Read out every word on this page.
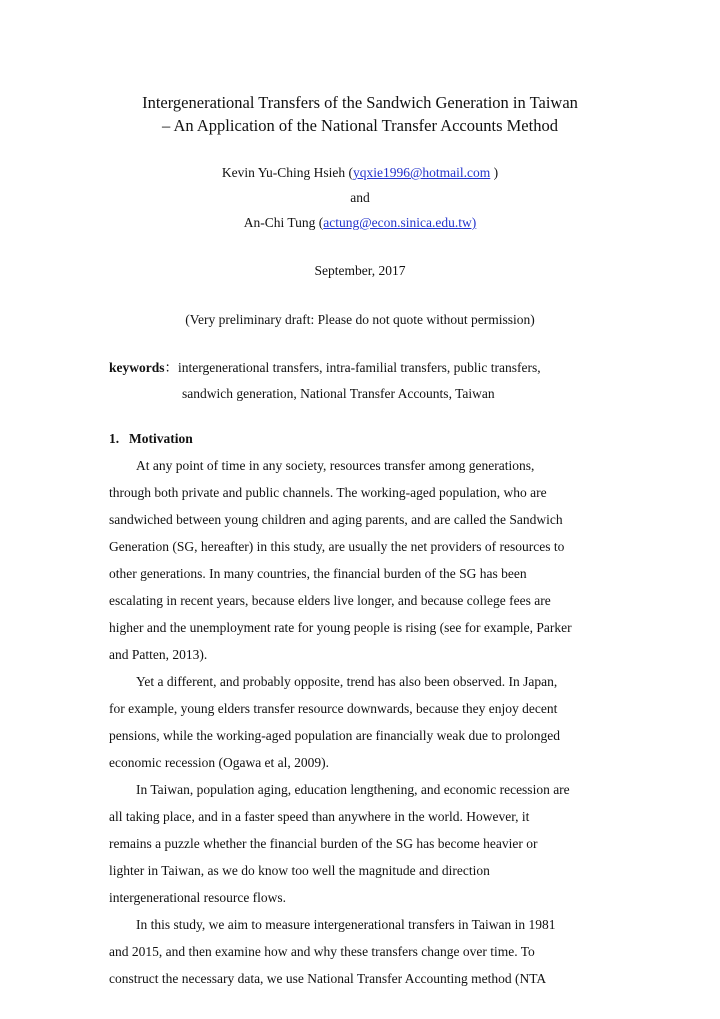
Intergenerational Transfers of the Sandwich Generation in Taiwan
– An Application of the National Transfer Accounts Method
Kevin Yu-Ching Hsieh (yqxie1996@hotmail.com )
and
An-Chi Tung (actung@econ.sinica.edu.tw)
September, 2017
(Very preliminary draft: Please do not quote without permission)
keywords：intergenerational transfers, intra-familial transfers, public transfers,
sandwich generation, National Transfer Accounts, Taiwan
1. Motivation
At any point of time in any society, resources transfer among generations,
through both private and public channels. The working-aged population, who are
sandwiched between young children and aging parents, and are called the Sandwich
Generation (SG, hereafter) in this study, are usually the net providers of resources to
other generations. In many countries, the financial burden of the SG has been
escalating in recent years, because elders live longer, and because college fees are
higher and the unemployment rate for young people is rising (see for example, Parker
and Patten, 2013).
Yet a different, and probably opposite, trend has also been observed. In Japan,
for example, young elders transfer resource downwards, because they enjoy decent
pensions, while the working-aged population are financially weak due to prolonged
economic recession (Ogawa et al, 2009).
In Taiwan, population aging, education lengthening, and economic recession are
all taking place, and in a faster speed than anywhere in the world. However, it
remains a puzzle whether the financial burden of the SG has become heavier or
lighter in Taiwan, as we do know too well the magnitude and direction
intergenerational resource flows.
In this study, we aim to measure intergenerational transfers in Taiwan in 1981
and 2015, and then examine how and why these transfers change over time. To
construct the necessary data, we use National Transfer Accounting method (NTA
